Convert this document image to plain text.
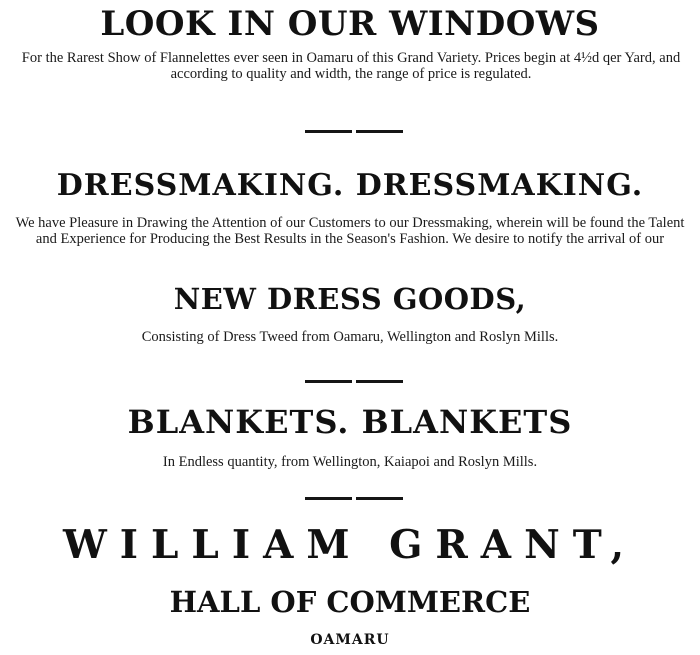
LOOK IN OUR WINDOWS

For the Rarest Show of Flannelettes ever seen in Oamaru of this Grand Variety. Prices begin at 4½d qer Yard, and according to quality and width, the range of price is regulated.

DRESSMAKING. DRESSMAKING.

We have Pleasure in Drawing the Attention of our Customers to our Dressmaking, wherein will be found the Talent and Experience for Producing the Best Results in the Season's Fashion. We desire to notify the arrival of our

NEW DRESS GOODS,

Consisting of Dress Tweed from Oamaru, Wellington and Roslyn Mills.

BLANKETS. BLANKETS

In Endless quantity, from Wellington, Kaiapoi and Roslyn Mills.

WILLIAM GRANT,
HALL OF COMMERCE

OAMARU
